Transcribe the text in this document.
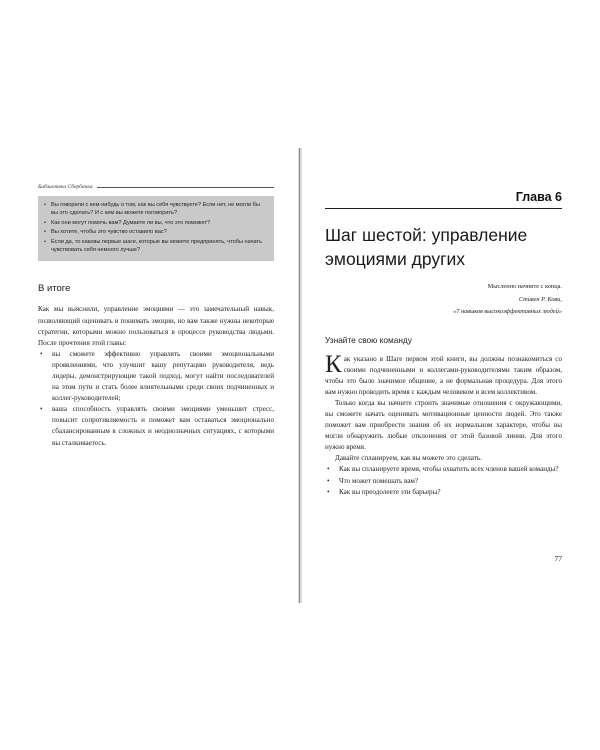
Библиотека Сбербанка
• Вы говорили с кем-нибудь о том, как вы себя чувствуете? Если нет, не могли бы вы это сделать? И с кем вы можете поговорить?
• Как они могут помочь вам? Думаете ли вы, что это поможет?
• Вы хотите, чтобы это чувство оставило вас?
• Если да, то каковы первые шаги, которые вы можете предпринять, чтобы начать чувствовать себя немного лучше?
В итоге

Как мы выяснили, управление эмоциями — это замечательный навык, позволяющий оценивать и понимать эмоции, но вам также нужны некоторые стратегии, которыми можно пользоваться в процессе руководства людьми. После прочтения этой главы:

• вы сможете эффективно управлять своими эмоциональными проявлениями, что улучшит вашу репутацию руководителя, ведь лидеры, демонстрирующие такой подход, могут найти последователей на этом пути и стать более влиятельными среди своих подчиненных и коллег-руководителей;
• ваша способность управлять своими эмоциями уменьшит стресс, повысит сопротивляемость и поможет вам оставаться эмоционально сбалансированным в сложных и неоднозначных ситуациях, с которыми вы сталкиваетесь.
Глава 6
Шаг шестой: управление
эмоциями других
Мысленно начните с конца.
Стивен Р. Кови,
«7 навыков высокоэффективных людей»
Узнайте свою команду

Как указано в Шаге первом этой книги, вы должны познакомиться со своими подчиненными и коллегами-руководителями таким образом, чтобы это было значимое общение, а не формальная процедура. Для этого вам нужно проводить время с каждым человеком и всем коллективом.

Только когда вы начнете строить значимые отношения с окружающими, вы сможете начать оценивать мотивационные ценности людей. Это также поможет вам приобрести знания об их нормальном характере, чтобы вы могли обнаружить любые отклонения от этой базовой линии. Для этого нужно время.

Давайте спланируем, как вы можете это сделать.

• Как вы спланируете время, чтобы охватить всех членов вашей команды?
• Что может помешать вам?
• Как вы преодолеете эти барьеры?
77
